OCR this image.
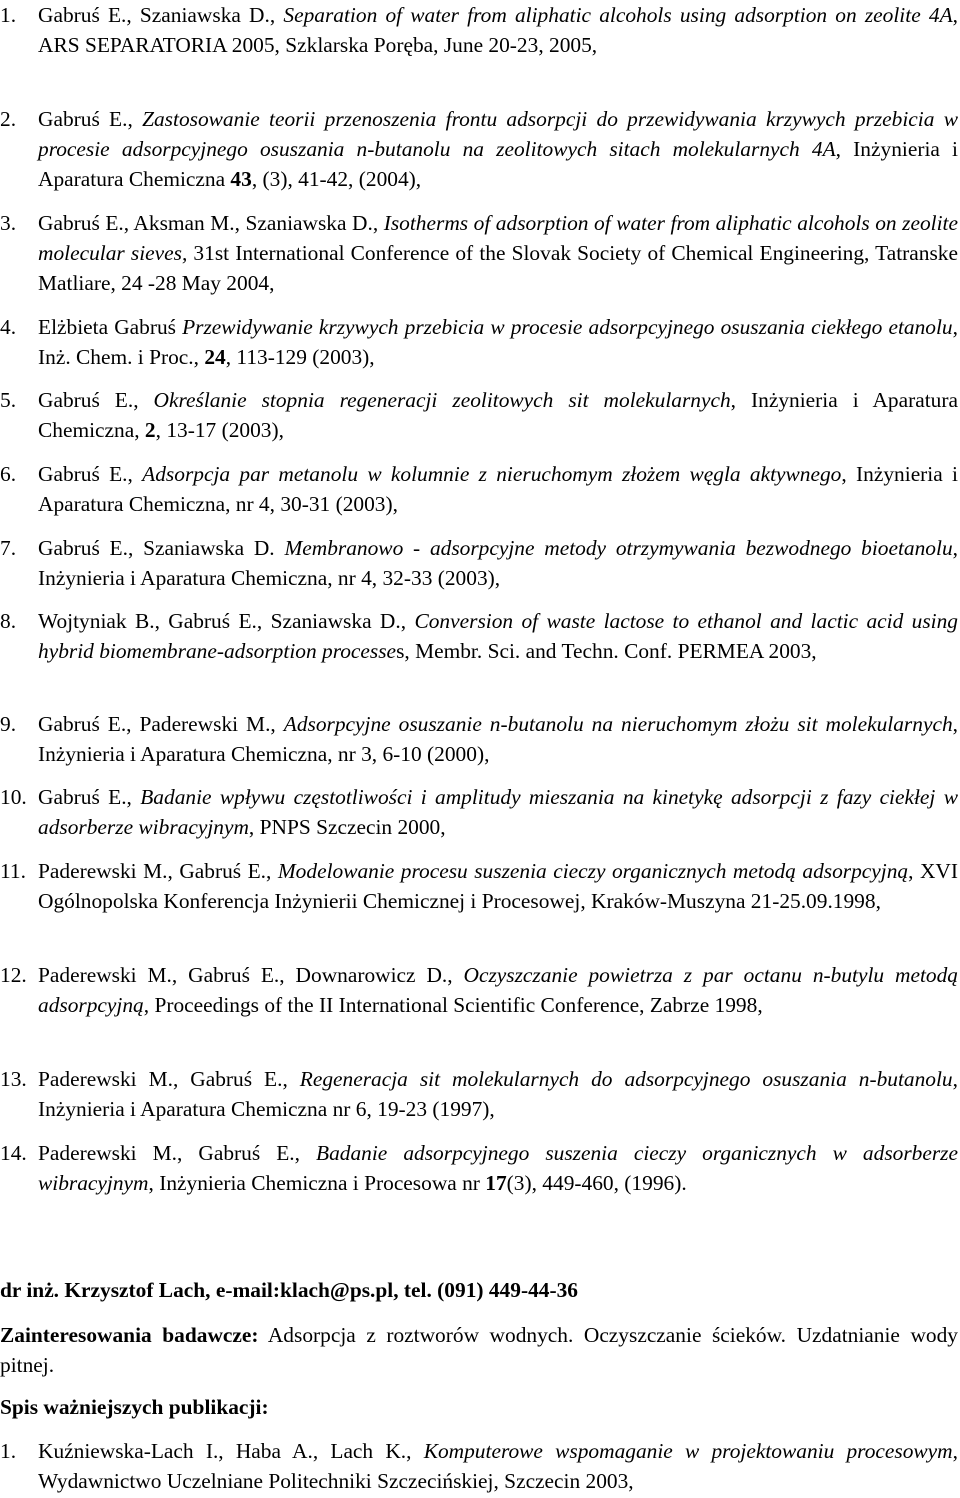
1. Gabruś E., Szaniawska D., Separation of water from aliphatic alcohols using adsorption on zeolite 4A, ARS SEPARATORIA 2005, Szklarska Poręba, June 20-23, 2005,
2. Gabruś E., Zastosowanie teorii przenoszenia frontu adsorpcji do przewidywania krzywych przebicia w procesie adsorpcyjnego osuszania n-butanolu na zeolitowych sitach molekularnych 4A, Inżynieria i Aparatura Chemiczna 43, (3), 41-42, (2004),
3. Gabruś E., Aksman M., Szaniawska D., Isotherms of adsorption of water from aliphatic alcohols on zeolite molecular sieves, 31st International Conference of the Slovak Society of Chemical Engineering, Tatranske Matliare, 24 -28 May 2004,
4. Elżbieta Gabruś Przewidywanie krzywych przebicia w procesie adsorpcyjnego osuszania ciekłego etanolu, Inż. Chem. i Proc., 24, 113-129 (2003),
5. Gabruś E., Określanie stopnia regeneracji zeolitowych sit molekularnych, Inżynieria i Aparatura Chemiczna, 2, 13-17 (2003),
6. Gabruś E., Adsorpcja par metanolu w kolumnie z nieruchomym złożem węgla aktywnego, Inżynieria i Aparatura Chemiczna, nr 4, 30-31 (2003),
7. Gabruś E., Szaniawska D. Membranowo - adsorpcyjne metody otrzymywania bezwodnego bioetanolu, Inżynieria i Aparatura Chemiczna, nr 4, 32-33 (2003),
8. Wojtyniak B., Gabruś E., Szaniawska D., Conversion of waste lactose to ethanol and lactic acid using hybrid biomembrane-adsorption processes, Membr. Sci. and Techn. Conf. PERMEA 2003,
9. Gabruś E., Paderewski M., Adsorpcyjne osuszanie n-butanolu na nieruchomym złożu sit molekularnych, Inżynieria i Aparatura Chemiczna, nr 3, 6-10 (2000),
10. Gabruś E., Badanie wpływu częstotliwości i amplitudy mieszania na kinetykę adsorpcji z fazy ciekłej w adsorberze wibracyjnym, PNPS Szczecin 2000,
11. Paderewski M., Gabruś E., Modelowanie procesu suszenia cieczy organicznych metodą adsorpcyjną, XVI Ogólnopolska Konferencja Inżynierii Chemicznej i Procesowej, Kraków-Muszyna 21-25.09.1998,
12. Paderewski M., Gabruś E., Downarowicz D., Oczyszczanie powietrza z par octanu n-butylu metodą adsorpcyjną, Proceedings of the II International Scientific Conference, Zabrze 1998,
13. Paderewski M., Gabruś E., Regeneracja sit molekularnych do adsorpcyjnego osuszania n-butanolu, Inżynieria i Aparatura Chemiczna nr 6, 19-23 (1997),
14. Paderewski M., Gabruś E., Badanie adsorpcyjnego suszenia cieczy organicznych w adsorberze wibracyjnym, Inżynieria Chemiczna i Procesowa nr 17(3), 449-460, (1996).
dr inż. Krzysztof Lach, e-mail:klach@ps.pl, tel. (091) 449-44-36
Zainteresowania badawcze: Adsorpcja z roztworów wodnych. Oczyszczanie ścieków. Uzdatnianie wody pitnej.
Spis ważniejszych publikacji:
1. Kuźniewska-Lach I., Haba A., Lach K., Komputerowe wspomaganie w projektowaniu procesowym, Wydawnictwo Uczelniane Politechniki Szczecińskiej, Szczecin 2003,
